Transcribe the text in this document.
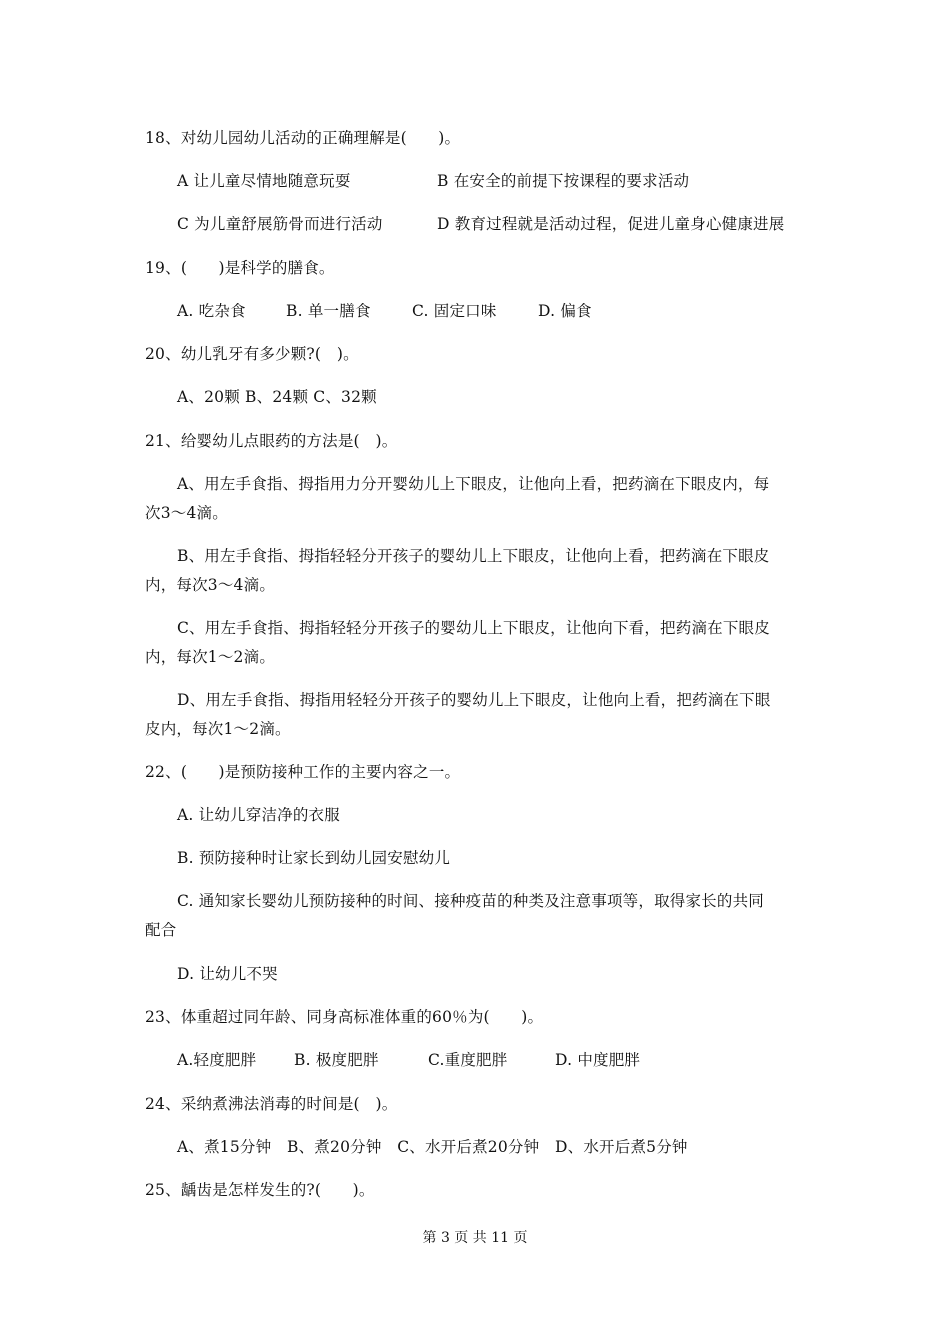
18、对幼儿园幼儿活动的正确理解是(　　)。
A 让儿童尽情地随意玩耍	B 在安全的前提下按课程的要求活动
C 为儿童舒展筋骨而进行活动	D 教育过程就是活动过程，促进儿童身心健康进展
19、(　　)是科学的膳食。
A. 吃杂食	B. 单一膳食	C. 固定口味	D. 偏食
20、幼儿乳牙有多少颗?(　)。
A、20颗 B、24颗 C、32颗
21、给婴幼儿点眼药的方法是(　)。
A、用左手食指、拇指用力分开婴幼儿上下眼皮，让他向上看，把药滴在下眼皮内，每
次3～4滴。
B、用左手食指、拇指轻轻分开孩子的婴幼儿上下眼皮，让他向上看，把药滴在下眼皮
内，每次3～4滴。
C、用左手食指、拇指轻轻分开孩子的婴幼儿上下眼皮，让他向下看，把药滴在下眼皮
内，每次1～2滴。
D、用左手食指、拇指用轻轻分开孩子的婴幼儿上下眼皮，让他向上看，把药滴在下眼
皮内，每次1～2滴。
22、(　　)是预防接种工作的主要内容之一。
A. 让幼儿穿洁净的衣服
B. 预防接种时让家长到幼儿园安慰幼儿
C. 通知家长婴幼儿预防接种的时间、接种疫苗的种类及注意事项等，取得家长的共同
配合
D. 让幼儿不哭
23、体重超过同年龄、同身高标准体重的60％为(　　)。
A.轻度肥胖 B. 极度肥胖	C.重度肥胖	D. 中度肥胖
24、采纳煮沸法消毒的时间是(　)。
A、煮15分钟　B、煮20分钟　C、水开后煮20分钟　D、水开后煮5分钟
25、龋齿是怎样发生的?(　　)。
第 3 页 共 11 页
